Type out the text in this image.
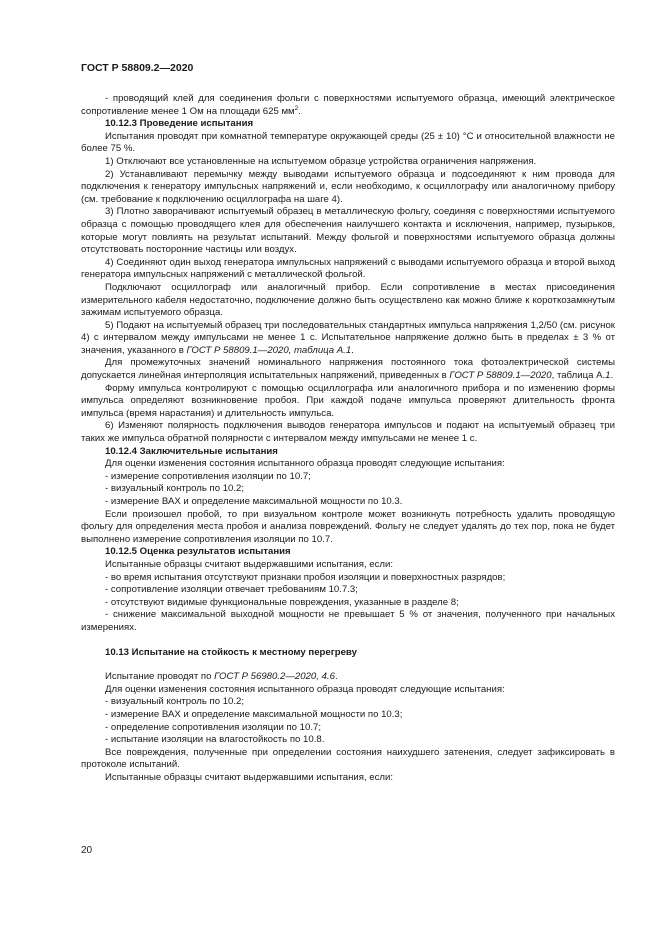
ГОСТ Р 58809.2—2020

- проводящий клей для соединения фольги с поверхностями испытуемого образца, имеющий электрическое сопротивление менее 1 Ом на площади 625 $мм^2$.

10.12.3 Проведение испытания

Испытания проводят при комнатной температуре окружающей среды (25 ± 10) °С и относительной влажности не более 75 %.

1) Отключают все установленные на испытуемом образце устройства ограничения напряжения.

2) Устанавливают перемычку между выводами испытуемого образца и подсоединяют к ним провода для подключения к генератору импульсных напряжений и, если необходимо, к осциллографу или аналогичному прибору (см. требование к подключению осциллографа на шаге 4).

3) Плотно заворачивают испытуемый образец в металлическую фольгу, соединяя с поверхностями испытуемого образца с помощью проводящего клея для обеспечения наилучшего контакта и исключения, например, пузырьков, которые могут повлиять на результат испытаний. Между фольгой и поверхностями испытуемого образца должны отсутствовать посторонние частицы или воздух.

4) Соединяют один выход генератора импульсных напряжений с выводами испытуемого образца и второй выход генератора импульсных напряжений с металлической фольгой.

Подключают осциллограф или аналогичный прибор. Если сопротивление в местах присоединения измерительного кабеля недостаточно, подключение должно быть осуществлено как можно ближе к короткозамкнутым зажимам испытуемого образца.

5) Подают на испытуемый образец три последовательных стандартных импульса напряжения 1,2/50 (см. рисунок 4) с интервалом между импульсами не менее 1 с. Испытательное напряжение должно быть в пределах ± 3 % от значения, указанного в ГОСТ Р 58809.1—2020, таблица А.1.

Для промежуточных значений номинального напряжения постоянного тока фотоэлектрической системы допускается линейная интерполяция испытательных напряжений, приведенных в ГОСТ Р 58809.1—2020, таблица А.1.

Форму импульса контролируют с помощью осциллографа или аналогичного прибора и по изменению формы импульса определяют возникновение пробоя. При каждой подаче импульса проверяют длительность фронта импульса (время нарастания) и длительность импульса.

6) Изменяют полярность подключения выводов генератора импульсов и подают на испытуемый образец три таких же импульса обратной полярности с интервалом между импульсами не менее 1 с.

10.12.4 Заключительные испытания

Для оценки изменения состояния испытанного образца проводят следующие испытания:

- измерение сопротивления изоляции по 10.7;

- визуальный контроль по 10.2;

- измерение ВАХ и определение максимальной мощности по 10.3.

Если произошел пробой, то при визуальном контроле может возникнуть потребность удалить проводящую фольгу для определения места пробоя и анализа повреждений. Фольгу не следует удалять до тех пор, пока не будет выполнено измерение сопротивления изоляции по 10.7.

10.12.5 Оценка результатов испытания

Испытанные образцы считают выдержавшими испытания, если:

- во время испытания отсутствуют признаки пробоя изоляции и поверхностных разрядов;

- сопротивление изоляции отвечает требованиям 10.7.3;

- отсутствуют видимые функциональные повреждения, указанные в разделе 8;

- снижение максимальной выходной мощности не превышает 5 % от значения, полученного при начальных измерениях.

10.13 Испытание на стойкость к местному перегреву

Испытание проводят по ГОСТ Р 56980.2—2020, 4.6.

Для оценки изменения состояния испытанного образца проводят следующие испытания:

- визуальный контроль по 10.2;

- измерение ВАХ и определение максимальной мощности по 10.3;

- определение сопротивления изоляции по 10.7;

- испытание изоляции на влагостойкость по 10.8.

Все повреждения, полученные при определении состояния наихудшего затенения, следует зафиксировать в протоколе испытаний.

Испытанные образцы считают выдержавшими испытания, если:

20
